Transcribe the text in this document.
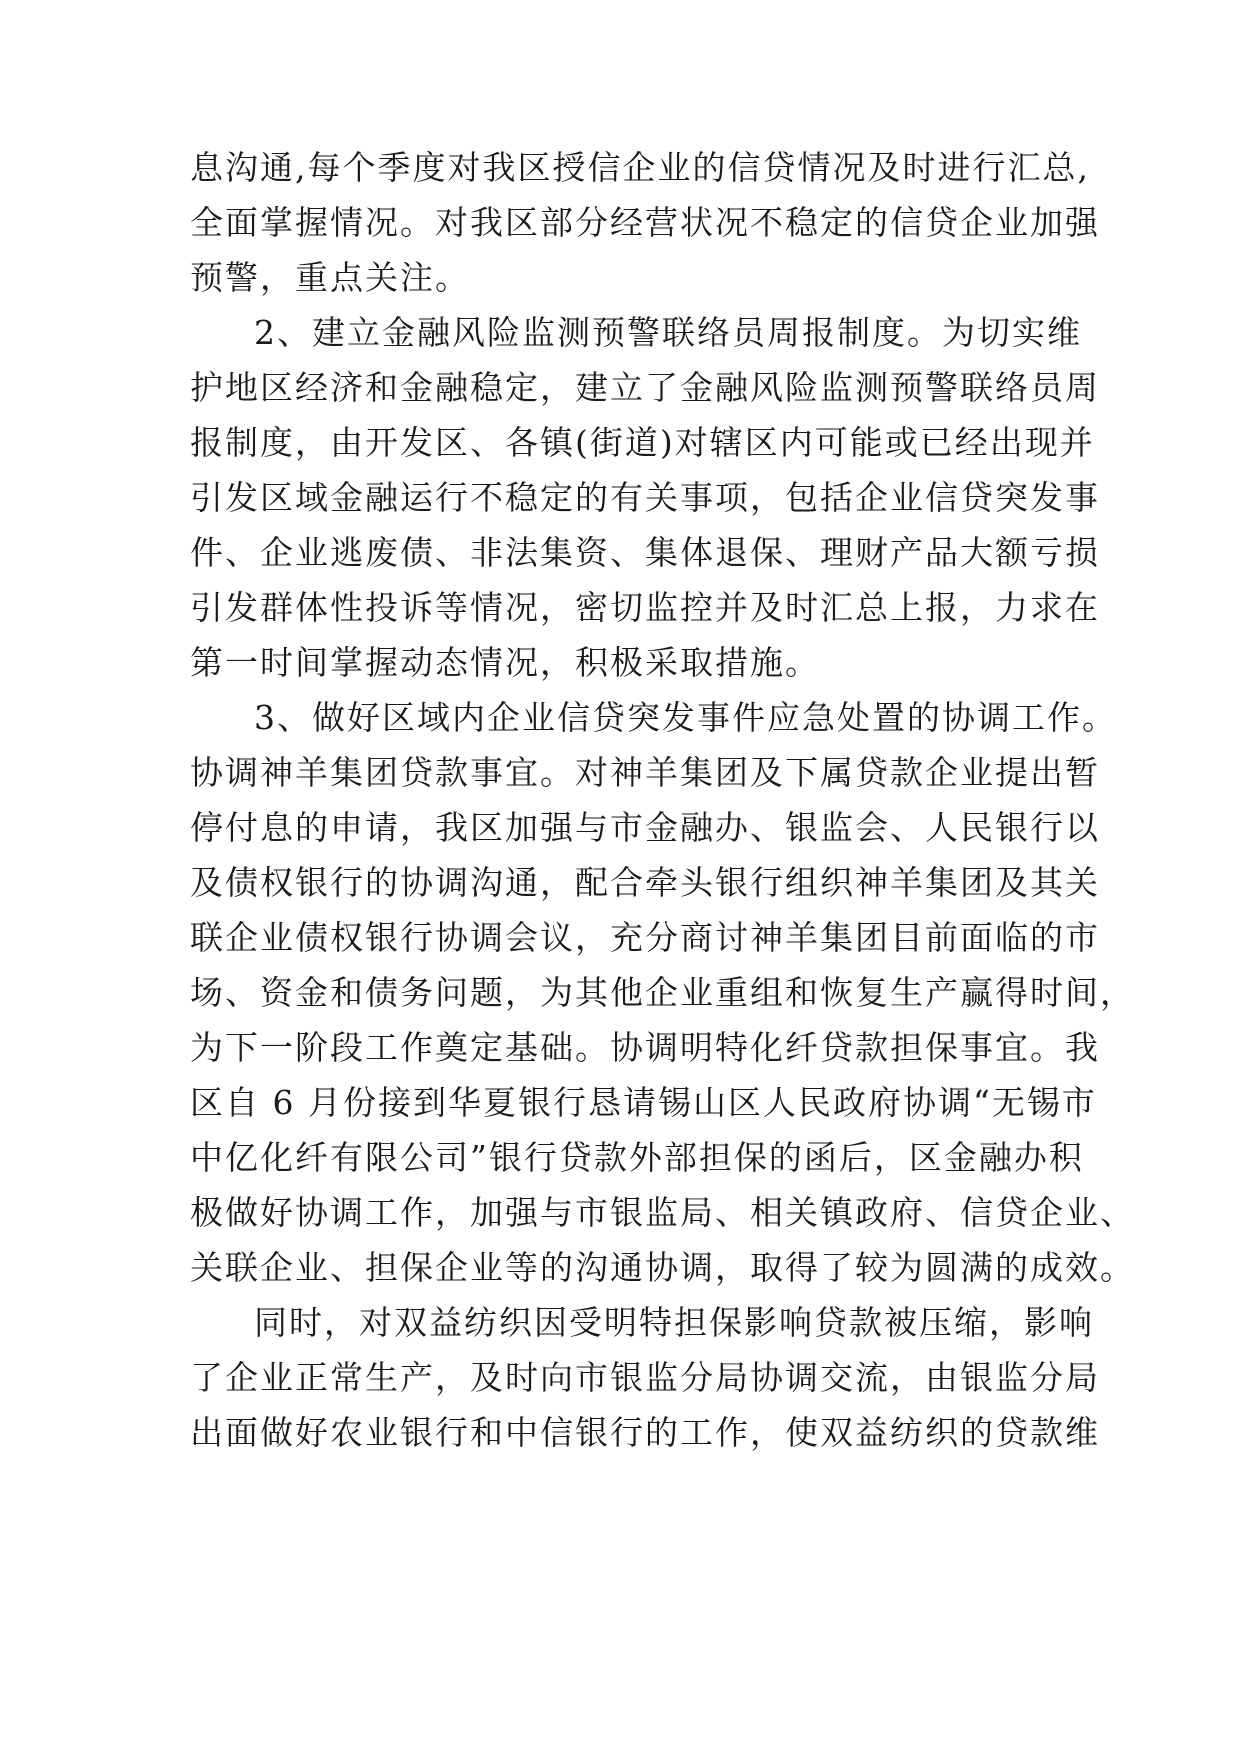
息沟通,每个季度对我区授信企业的信贷情况及时进行汇总,
全面掌握情况。对我区部分经营状况不稳定的信贷企业加强
预警，重点关注。
2、建立金融风险监测预警联络员周报制度。为切实维
护地区经济和金融稳定，建立了金融风险监测预警联络员周
报制度，由开发区、各镇(街道)对辖区内可能或已经出现并
引发区域金融运行不稳定的有关事项，包括企业信贷突发事
件、企业逃废债、非法集资、集体退保、理财产品大额亏损
引发群体性投诉等情况，密切监控并及时汇总上报，力求在
第一时间掌握动态情况，积极采取措施。
3、做好区域内企业信贷突发事件应急处置的协调工作。
协调神羊集团贷款事宜。对神羊集团及下属贷款企业提出暂
停付息的申请，我区加强与市金融办、银监会、人民银行以
及债权银行的协调沟通，配合牵头银行组织神羊集团及其关
联企业债权银行协调会议，充分商讨神羊集团目前面临的市
场、资金和债务问题，为其他企业重组和恢复生产赢得时间，
为下一阶段工作奠定基础。协调明特化纤贷款担保事宜。我
区自 6 月份接到华夏银行恳请锡山区人民政府协调“无锡市
中亿化纤有限公司”银行贷款外部担保的函后，区金融办积
极做好协调工作，加强与市银监局、相关镇政府、信贷企业、
关联企业、担保企业等的沟通协调，取得了较为圆满的成效。
同时，对双益纺织因受明特担保影响贷款被压缩，影响
了企业正常生产，及时向市银监分局协调交流，由银监分局
出面做好农业银行和中信银行的工作，使双益纺织的贷款维
